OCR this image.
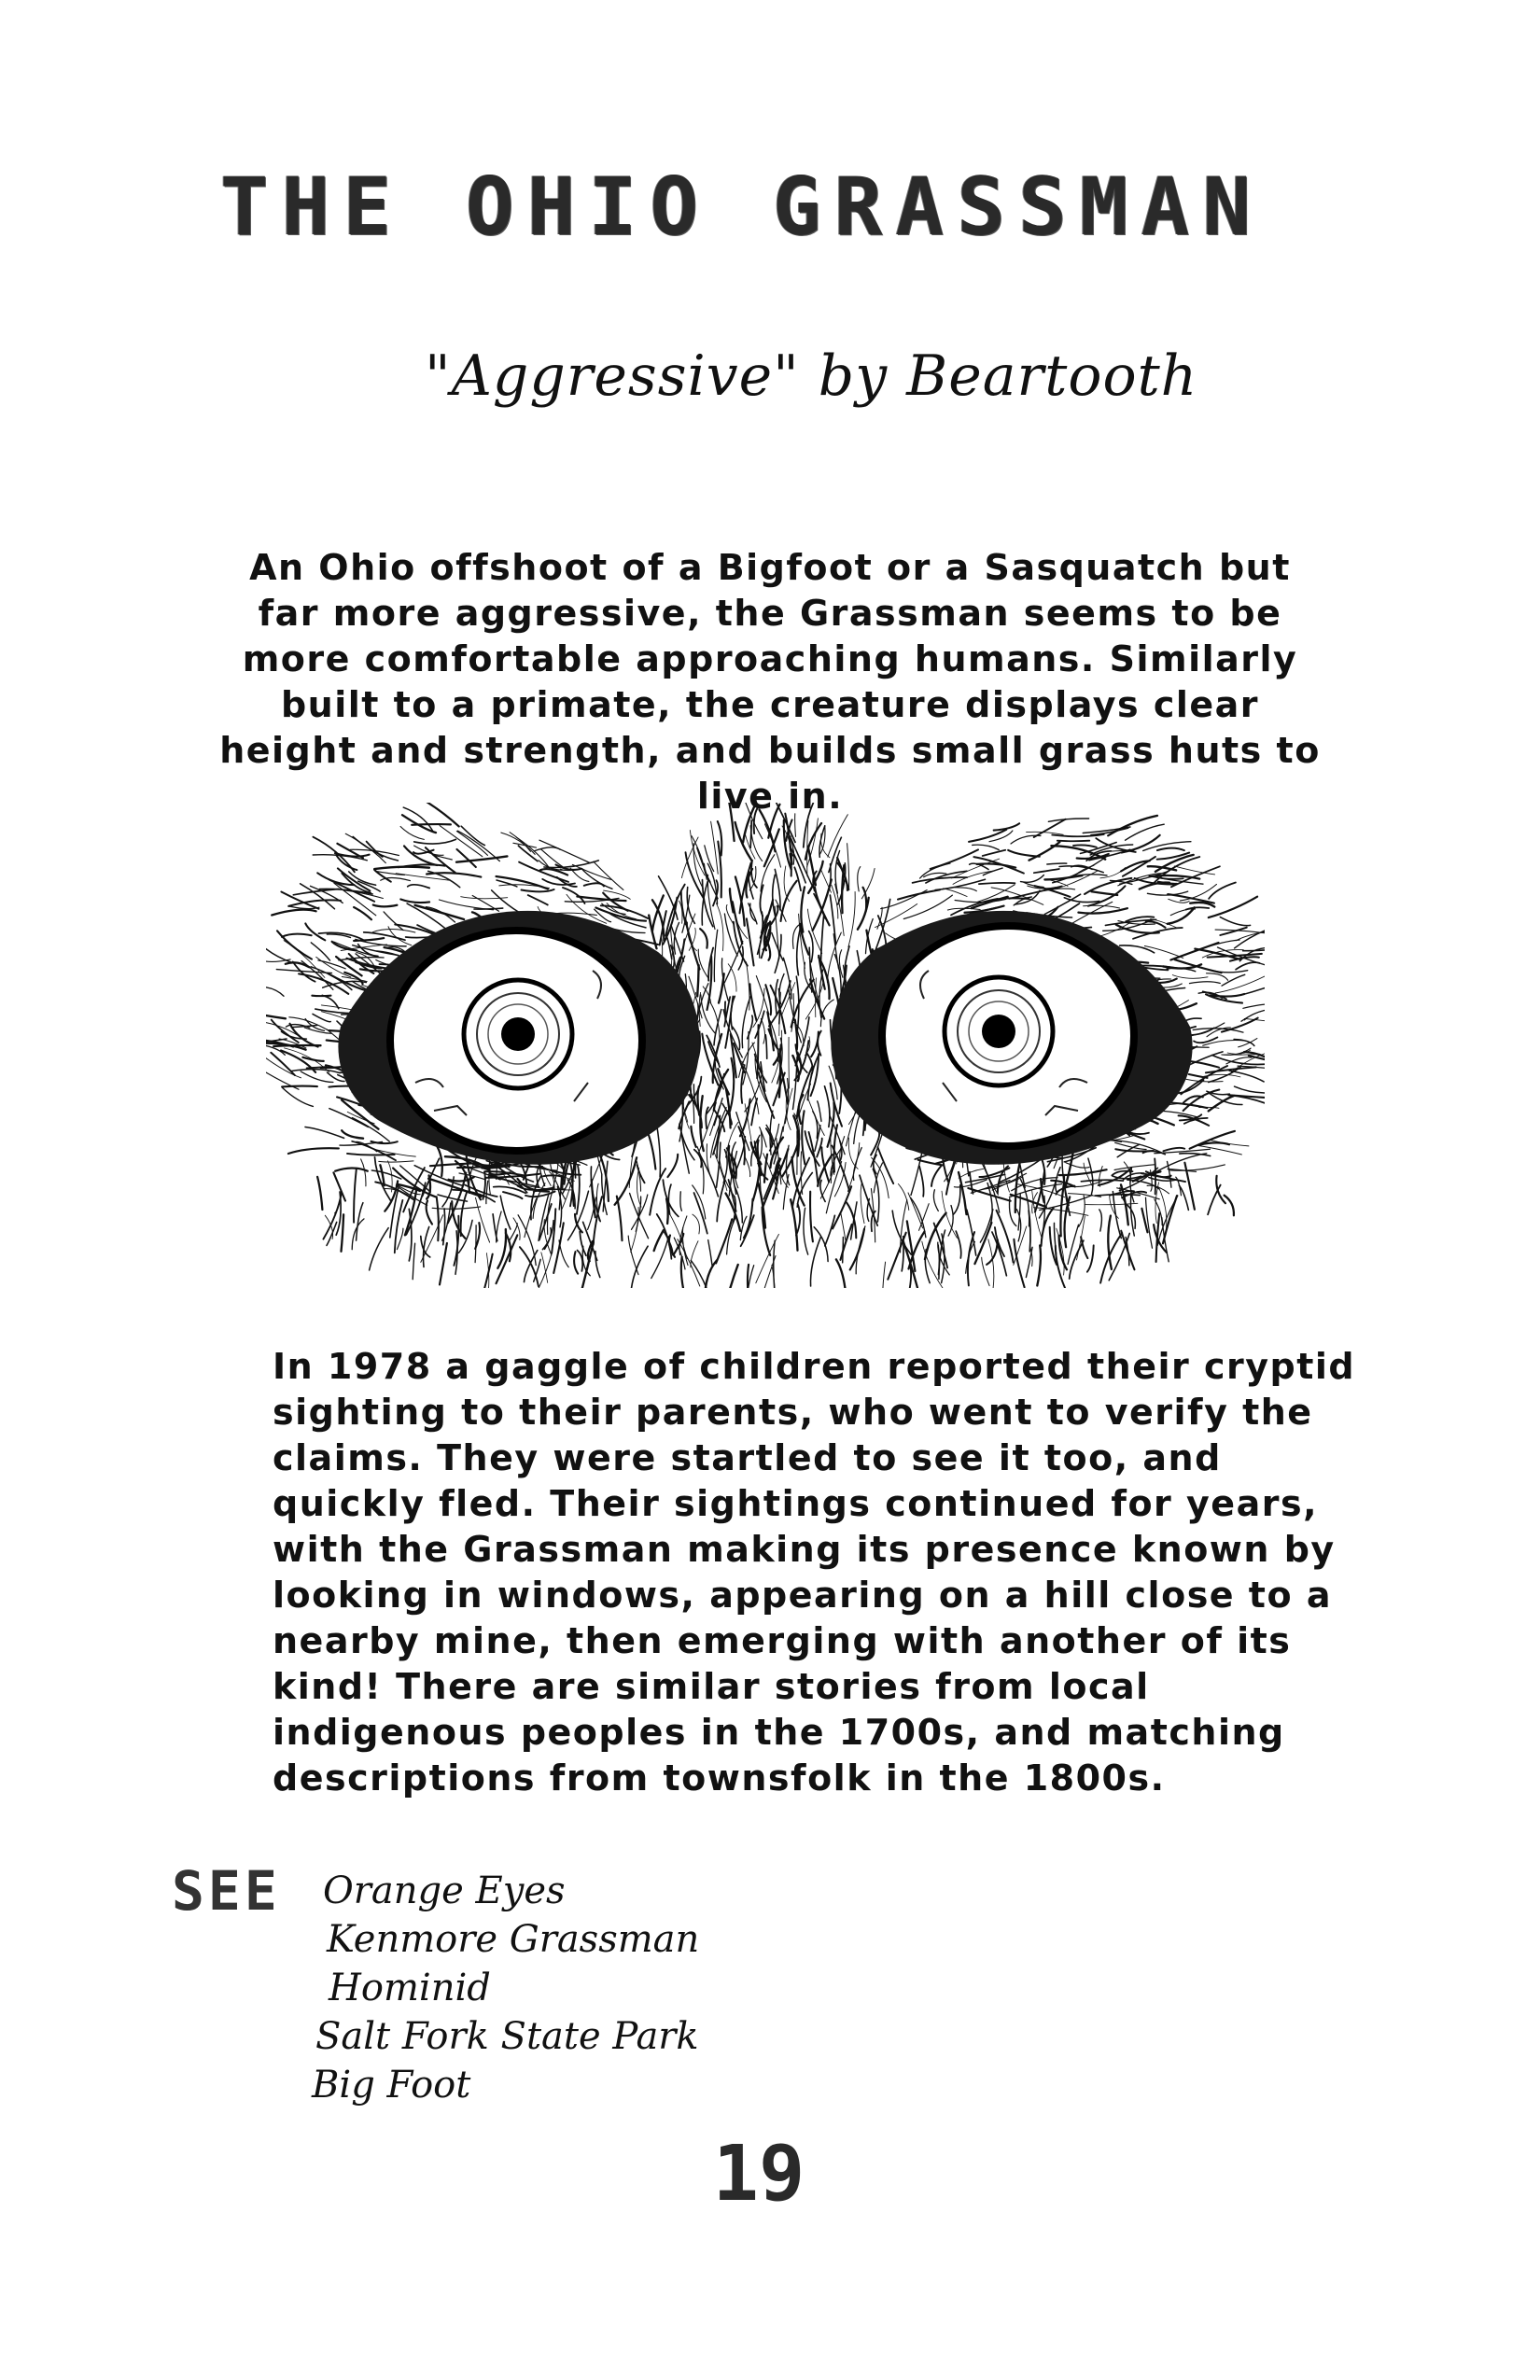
THE OHIO GRASSMAN
"Aggressive" by Beartooth
An Ohio offshoot of a Bigfoot or a Sasquatch but far more aggressive, the Grassman seems to be more comfortable approaching humans. Similarly built to a primate, the creature displays clear height and strength, and builds small grass huts to live in.
In 1978 a gaggle of children reported their cryptid sighting to their parents, who went to verify the claims. They were startled to see it too, and quickly fled. Their sightings continued for years, with the Grassman making its presence known by looking in windows, appearing on a hill close to a nearby mine, then emerging with another of its kind! There are similar stories from local indigenous peoples in the 1700s, and matching descriptions from townsfolk in the 1800s.
SEE Orange Eyes
Kenmore Grassman
Hominid
Salt Fork State Park
Big Foot
19
